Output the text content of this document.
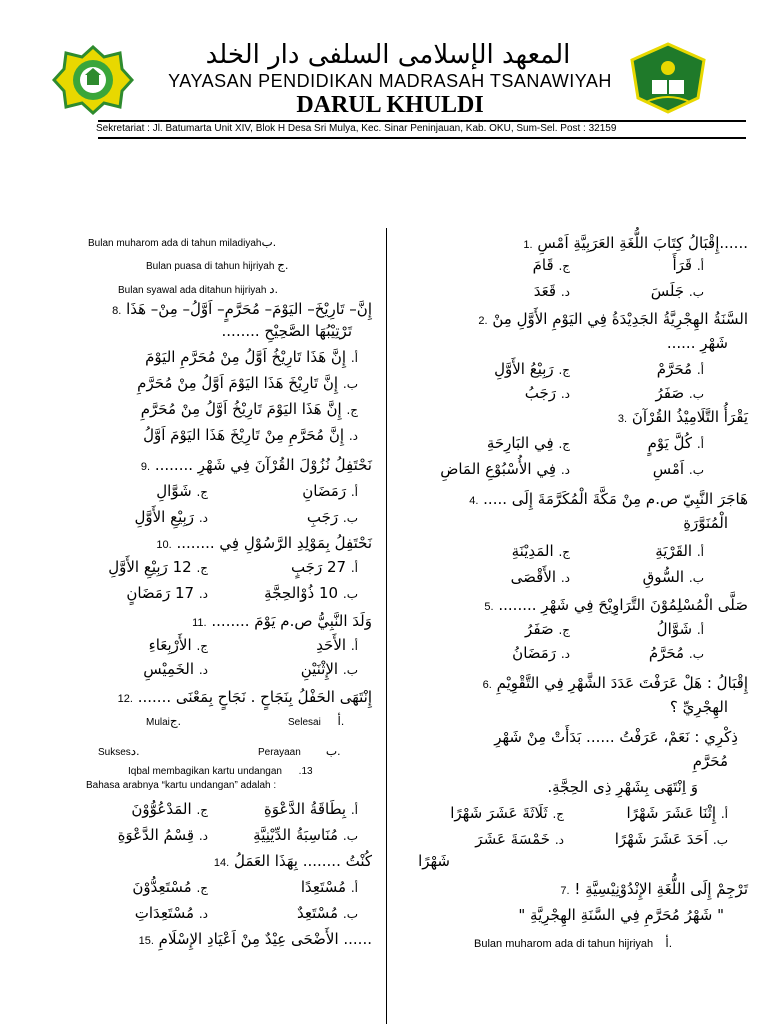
المعهد الإسلامى السلفى دار الخلد
YAYASAN PENDIDIKAN MADRASAH TSANAWIYAH
DARUL KHULDI
Sekretariat : Jl. Batumarta Unit XIV, Blok H Desa Sri Mulya, Kec. Sinar Peninjauan, Kab. OKU, Sum-Sel. Post : 32159
......إِقْبَالُ كِتَابَ اللُّغَةِ العَرَبِيَّةِ اَمْسِ .1
أ. قَرَأَ
ج. قَامَ
ب. جَلَسَ
د. قَعَدَ
السَّنَةُ الهِجْرِيَّةُ الجَدِيْدَةُ فِي اليَوْمِ الأَوَّلِ مِنْ .2
شَهْرِ ......
أ. مُحَرَّمْ
ج. رَبِيْعُ الأَوَّلِ
ب. صَفَرُ
د. رَجَبُ
يَقْرَأُ التَّلَامِيْذُ القُرْآنَ .3
أ. كُلَّ يَوْمٍ
ج. فِي البَارِحَةِ
ب. اَمْسِ
د. فِي الأُسْبُوْعِ المَاضِ
هَاجَرَ النَّبِيّ ص.م مِنْ مَكَّةَ الْمُكَرَّمَةَ إِلَى ..... .4
الْمُنَوَّرَةِ
أ. القَرْيَةِ
ج. المَدِيْنَةِ
ب. السُّوقِ
د. الأَقْصَى
صَلَّى الْمُسْلِمُوْنَ التَّرَاوِيْحَ فِي شَهْرِ ........ .5
أ. شَوَّالُ
ج. صَفَرُ
ب. مُحَرَّمُ
د. رَمَضَانُ
إِقْبَالُ : هَلْ عَرَفْتَ عَدَدَ الشَّهْرِ فِي التَّقْوِيْمِ .6
الهِجْرِيِّ ؟
ذِكْرِي : نَعَمْ، عَرَفْتُ ...... بَدَأَتْ مِنْ شَهْرِ
مُحَرَّمِ
وَ اِنْتَهَى بِشَهْرِ ذِى الحِجَّةِ.
أ. إِثْنَا عَشَرَ شَهْرًا
ج. ثَلَاثَةَ عَشَرَ شَهْرًا
ب. اَحَدَ عَشَرَ شَهْرًا
د. خَمْسَةَ عَشَرَ
شَهْرًا
تَرْجِمْ إِلَى اللُّغَةِ الإِنْدُوْنِيْسِيَّةِ ! .7
" شَهْرُ مُحَرَّمِ فِي السَّنَةِ الهِجْرِيَّةِ "
Bulan muharom ada di tahun hijriyah أ.
Bulan muharom ada di tahun miladiyahب.
Bulan puasa di tahun hijriyah ج.
Bulan syawal ada ditahun hijriyah د.
إِنَّ– تَارِيْخَ– اليَوْمَ– مُحَرَّمٍ– اَوَّلُ– مِنْ– هَذَا .8
تَرْتِيْبُهَا الصَّحِيْحِ ........
أ. إِنَّ هَذَا تَارِيْخُ اَوَّلُ مِنْ مُحَرَّمِ اليَوْمَ
ب. إِنَّ تَارِيْخَ هَذَا اليَوْمَ اَوَّلُ مِنْ مُحَرَّمِ
ج. إِنَّ هَذَا اليَوْمَ تَارِيْخُ اَوَّلُ مِنْ مُحَرَّمِ
د. إِنَّ مُحَرَّمِ مِنْ تَارِيْخَ هَذَا اليَوْمَ اَوَّلُ
نَحْتَفِلُ نُزُوْلَ القُرْآنَ فِي شَهْرِ ........ .9
أ. رَمَضَانِ
ج. شَوَّالِ
ب. رَجَبِ
د. رَبِيْعِ الأَوَّلِ
نَحْتَفِلُ بِمَوْلِدِ الرَّسُوْلِ فِي ........ .10
أ. 27 رَجَبٍ
ج. 12 رَبِيْعِ الأَوَّلِ
ب. 10 ذُوْالحِجَّةِ
د. 17 رَمَضَانٍ
وَلَدَ النَّبِيُّ ص.م يَوْمَ ........ .11
أ. الأَحَدِ
ج. الأَرْبِعَاءِ
ب. الإِثْنَيْنِ
د. الخَمِيْسِ
إِنْتَهَى الحَفْلُ بِنَجَاحٍ . نَجَاحٍ بِمَعْنَى ....... .12
Selesai أ.
Mulaiج.
Perayaan ب.
Suksesد.
Iqbal membagikan kartu undangan .13
Bahasa arabnya “kartu undangan” adalah :
أ. بِطَاقَةُ الدَّعْوَةِ
ج. المَدْعُوُّوْنَ
ب. مُنَاسِبَةُ الدِّيْنِيَّةِ
د. قِسْمُ الدَّعْوَةِ
كُنْتُ ........ بِهَذَا العَمَلُ .14
أ. مُسْتَعِدًا
ج. مُسْتَعِدُّوْنَ
ب. مُسْتَعِدٌ
د. مُسْتَعِدَاتِ
...... الأَضْحَى عِيْدٌ مِنْ اَعْيَادِ الإِسْلَامِ .15
